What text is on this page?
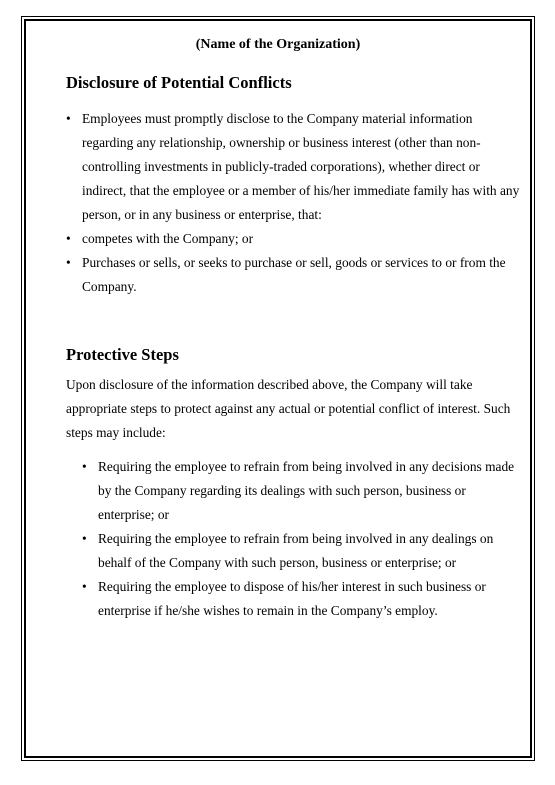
(Name of the Organization)
Disclosure of Potential Conflicts
• Employees must promptly disclose to the Company material information regarding any relationship, ownership or business interest (other than non-controlling investments in publicly-traded corporations), whether direct or indirect, that the employee or a member of his/her immediate family has with any person, or in any business or enterprise, that:
• competes with the Company; or
• Purchases or sells, or seeks to purchase or sell, goods or services to or from the Company.
Protective Steps

Upon disclosure of the information described above, the Company will take appropriate steps to protect against any actual or potential conflict of interest. Such steps may include:

• Requiring the employee to refrain from being involved in any decisions made by the Company regarding its dealings with such person, business or enterprise; or
• Requiring the employee to refrain from being involved in any dealings on behalf of the Company with such person, business or enterprise; or
• Requiring the employee to dispose of his/her interest in such business or enterprise if he/she wishes to remain in the Company’s employ.
